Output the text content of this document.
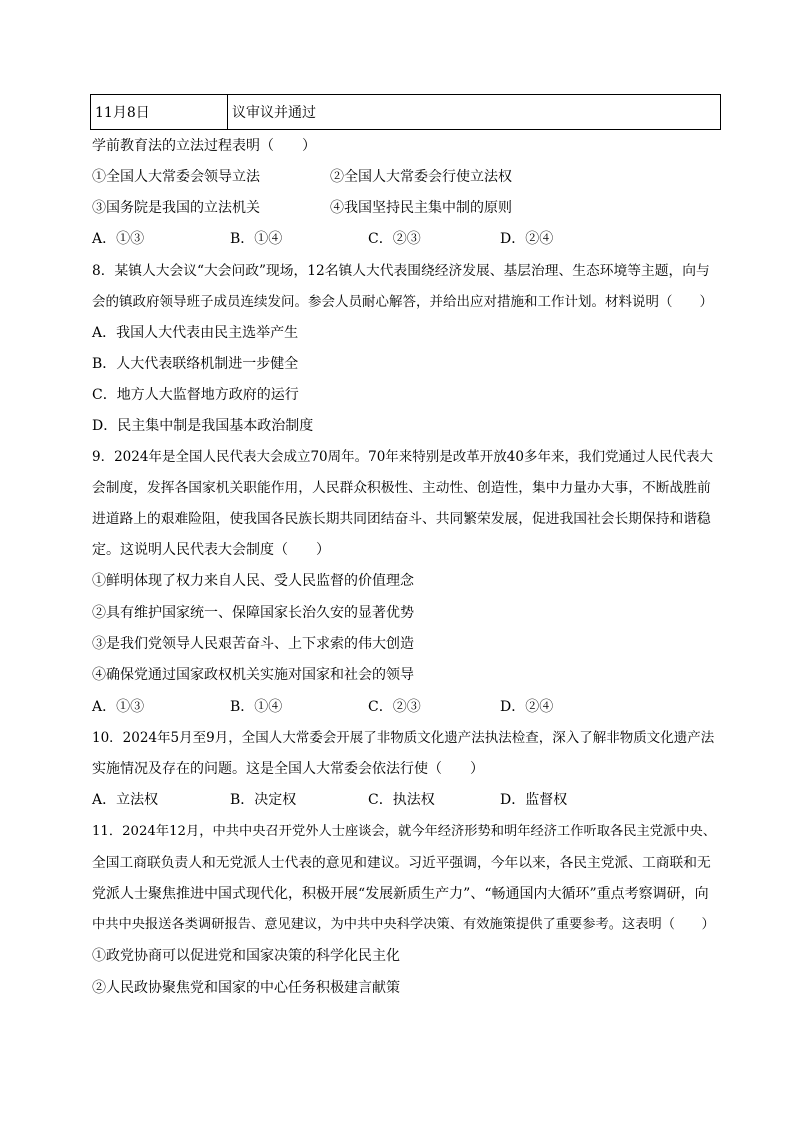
11月8日	议审议并通过
学前教育法的立法过程表明（　　）
①全国人大常委会领导立法	②全国人大常委会行使立法权
③国务院是我国的立法机关	④我国坚持民主集中制的原则
A．①③	B．①④	C．②③	D．②④
8．某镇人大会议“大会问政”现场，12名镇人大代表围绕经济发展、基层治理、生态环境等主题，向与
会的镇政府领导班子成员连续发问。参会人员耐心解答，并给出应对措施和工作计划。材料说明（　　）
A．我国人大代表由民主选举产生
B．人大代表联络机制进一步健全
C．地方人大监督地方政府的运行
D．民主集中制是我国基本政治制度
9．2024年是全国人民代表大会成立70周年。70年来特别是改革开放40多年来，我们党通过人民代表大
会制度，发挥各国家机关职能作用，人民群众积极性、主动性、创造性，集中力量办大事，不断战胜前
进道路上的艰难险阻，使我国各民族长期共同团结奋斗、共同繁荣发展，促进我国社会长期保持和谐稳
定。这说明人民代表大会制度（　　）
①鲜明体现了权力来自人民、受人民监督的价值理念
②具有维护国家统一、保障国家长治久安的显著优势
③是我们党领导人民艰苦奋斗、上下求索的伟大创造
④确保党通过国家政权机关实施对国家和社会的领导
A．①③	B．①④	C．②③	D．②④
10．2024年5月至9月，全国人大常委会开展了非物质文化遗产法执法检查，深入了解非物质文化遗产法
实施情况及存在的问题。这是全国人大常委会依法行使（　　）
A．立法权	B．决定权	C．执法权	D．监督权
11．2024年12月，中共中央召开党外人士座谈会，就今年经济形势和明年经济工作听取各民主党派中央、
全国工商联负责人和无党派人士代表的意见和建议。习近平强调，今年以来，各民主党派、工商联和无
党派人士聚焦推进中国式现代化，积极开展“发展新质生产力”、“畅通国内大循环”重点考察调研，向
中共中央报送各类调研报告、意见建议，为中共中央科学决策、有效施策提供了重要参考。这表明（　　）
①政党协商可以促进党和国家决策的科学化民主化
②人民政协聚焦党和国家的中心任务积极建言献策
